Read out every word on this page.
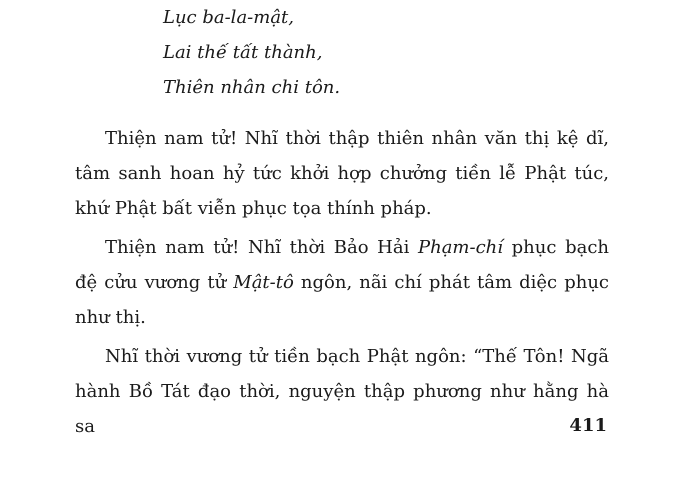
Lục ba-la-mật,
Lai thế tất thành,
Thiên nhân chi tôn.

Thiện nam tử! Nhĩ thời thập thiên nhân văn thị kệ dĩ, tâm sanh hoan hỷ tức khởi hợp chưởng tiền lễ Phật túc, khứ Phật bất viễn phục tọa thính pháp.

Thiện nam tử! Nhĩ thời Bảo Hải Phạm-chí phục bạch đệ cửu vương tử Mật-tô ngôn, nãi chí phát tâm diệc phục như thị.

Nhĩ thời vương tử tiền bạch Phật ngôn: “Thế Tôn! Ngã hành Bồ Tát đạo thời, nguyện thập phương như hằng hà sa	411
